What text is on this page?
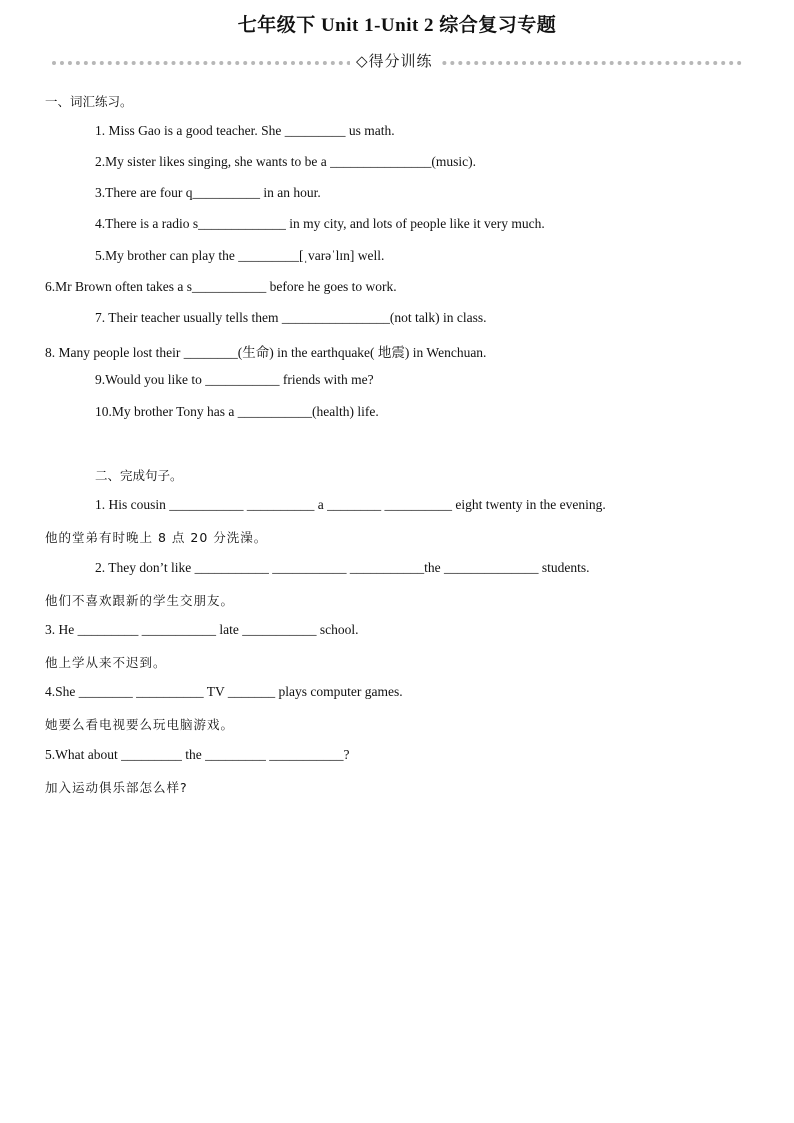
七年级下 Unit 1-Unit 2 综合复习专题
◇得分训练
一、词汇练习。
1. Miss Gao is a good teacher. She _________ us math.
2.My sister likes singing, she wants to be a _______________(music).
3.There are four q__________ in an hour.
4.There is a radio s_____________ in my city, and lots of people like it very much.
5.My brother can play the _________[ˌvarəˈlɪn] well.
6.Mr Brown often takes a s___________ before he goes to work.
7. Their teacher usually tells them ________________(not talk) in class.
8. Many people lost their ________(生命) in the earthquake( 地震) in Wenchuan.
9.Would you like to ___________ friends with me?
10.My brother Tony has a ___________(health) life.
二、完成句子。
1. His cousin ___________ __________ a ________ __________ eight twenty in the evening.
他的堂弟有时晚上 8 点 20 分洗澡。
2. They don’t like ___________ ___________ ___________the ______________ students.
他们不喜欢跟新的学生交朋友。
3. He _________ ___________ late ___________ school.
他上学从来不迟到。
4.She ________ __________ TV _______ plays computer games.
她要么看电视要么玩电脑游戏。
5.What about _________ the _________ ___________?
加入运动俱乐部怎么样?
